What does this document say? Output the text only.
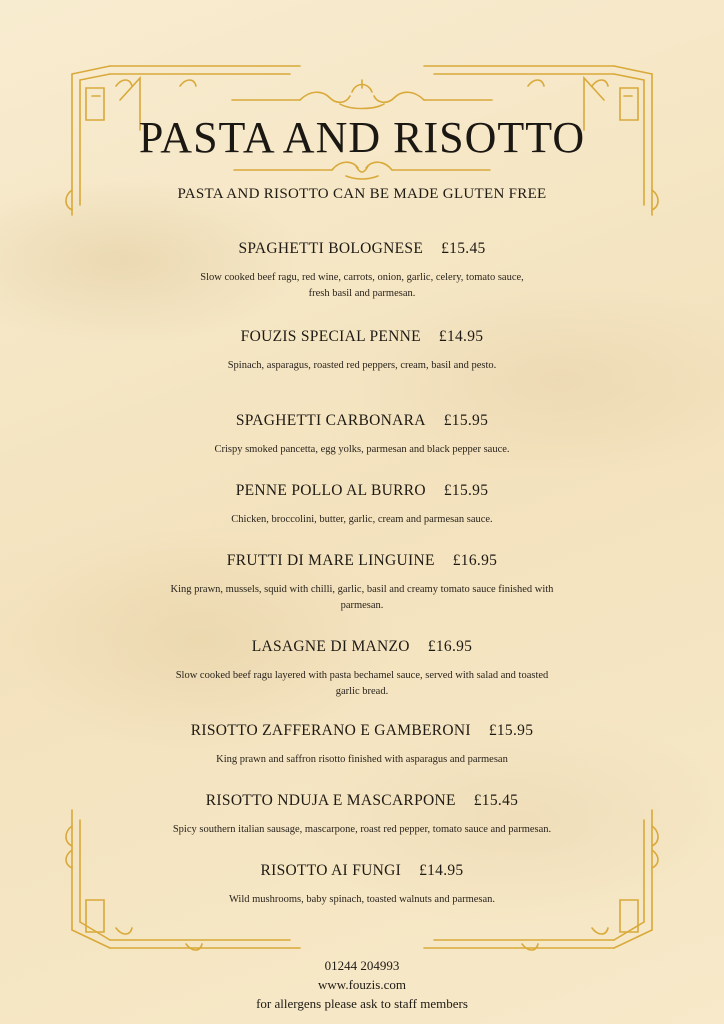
PASTA AND RISOTTO
PASTA AND RISOTTO CAN BE MADE GLUTEN FREE
SPAGHETTI BOLOGNESE £15.45
Slow cooked beef ragu, red wine, carrots, onion, garlic, celery, tomato sauce, fresh basil and parmesan.
FOUZIS SPECIAL PENNE £14.95
Spinach, asparagus, roasted red peppers, cream, basil and pesto.
SPAGHETTI CARBONARA £15.95
Crispy smoked pancetta, egg yolks, parmesan and black pepper sauce.
PENNE POLLO AL BURRO £15.95
Chicken, broccolini, butter, garlic, cream and parmesan sauce.
FRUTTI DI MARE LINGUINE £16.95
King prawn, mussels, squid with chilli, garlic, basil and creamy tomato sauce finished with parmesan.
LASAGNE DI MANZO £16.95
Slow cooked beef ragu layered with pasta bechamel sauce, served with salad and toasted garlic bread.
RISOTTO ZAFFERANO E GAMBERONI £15.95
King prawn and saffron risotto finished with asparagus and parmesan
RISOTTO NDUJA E MASCARPONE £15.45
Spicy southern italian sausage, mascarpone, roast red pepper, tomato sauce and parmesan.
RISOTTO AI FUNGI £14.95
Wild mushrooms, baby spinach, toasted walnuts and parmesan.
01244 204993
www.fouzis.com
for allergens please ask to staff members
